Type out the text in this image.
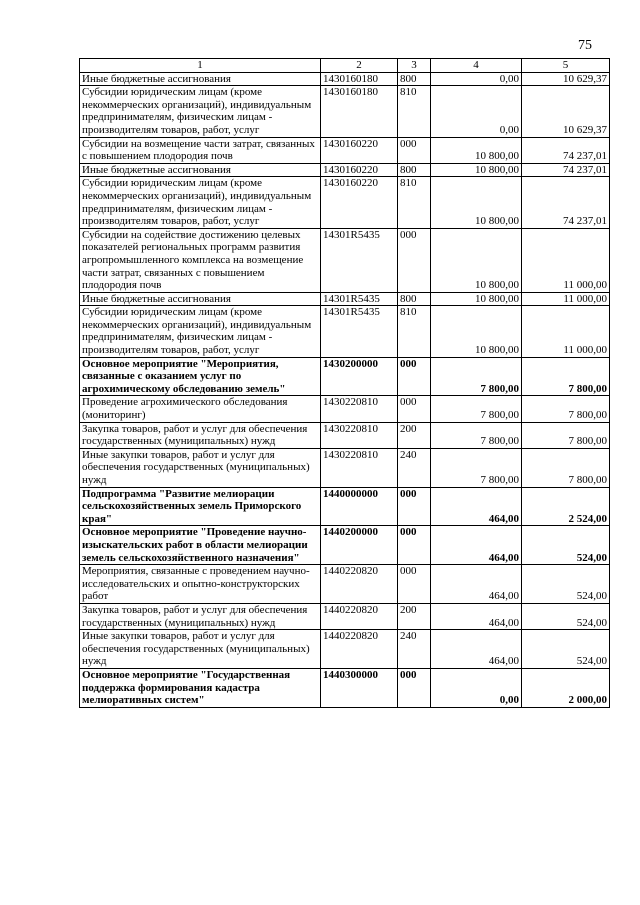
75
1	2	3	4	5
Иные бюджетные ассигнования	1430160180	800	0,00	10 629,37
Субсидии юридическим лицам (кроме некоммерческих организаций), индивидуальным предпринимателям, физическим лицам - производителям товаров, работ, услуг	1430160180	810	0,00	10 629,37
Субсидии на возмещение части затрат, связанных с повышением плодородия почв	1430160220	000	10 800,00	74 237,01
Иные бюджетные ассигнования	1430160220	800	10 800,00	74 237,01
Субсидии юридическим лицам (кроме некоммерческих организаций), индивидуальным предпринимателям, физическим лицам - производителям товаров, работ, услуг	1430160220	810	10 800,00	74 237,01
Субсидии на содействие достижению целевых показателей региональных программ развития агропромышленного комплекса на возмещение части затрат, связанных с повышением плодородия почв	14301R5435	000	10 800,00	11 000,00
Иные бюджетные ассигнования	14301R5435	800	10 800,00	11 000,00
Субсидии юридическим лицам (кроме некоммерческих организаций), индивидуальным предпринимателям, физическим лицам - производителям товаров, работ, услуг	14301R5435	810	10 800,00	11 000,00
Основное мероприятие "Мероприятия, связанные с оказанием услуг по агрохимическому обследованию земель"	1430200000	000	7 800,00	7 800,00
Проведение агрохимического обследования (мониторинг)	1430220810	000	7 800,00	7 800,00
Закупка товаров, работ и услуг для обеспечения государственных (муниципальных) нужд	1430220810	200	7 800,00	7 800,00
Иные закупки товаров, работ и услуг для обеспечения государственных (муниципальных) нужд	1430220810	240	7 800,00	7 800,00
Подпрограмма "Развитие мелиорации сельскохозяйственных земель Приморского края"	1440000000	000	464,00	2 524,00
Основное мероприятие "Проведение научно-изыскательских работ в области мелиорации земель сельскохозяйственного назначения"	1440200000	000	464,00	524,00
Мероприятия, связанные с проведением научно-исследовательских и опытно-конструкторских работ	1440220820	000	464,00	524,00
Закупка товаров, работ и услуг для обеспечения государственных (муниципальных) нужд	1440220820	200	464,00	524,00
Иные закупки товаров, работ и услуг для обеспечения государственных (муниципальных) нужд	1440220820	240	464,00	524,00
Основное мероприятие "Государственная поддержка формирования кадастра мелиоративных систем"	1440300000	000	0,00	2 000,00
